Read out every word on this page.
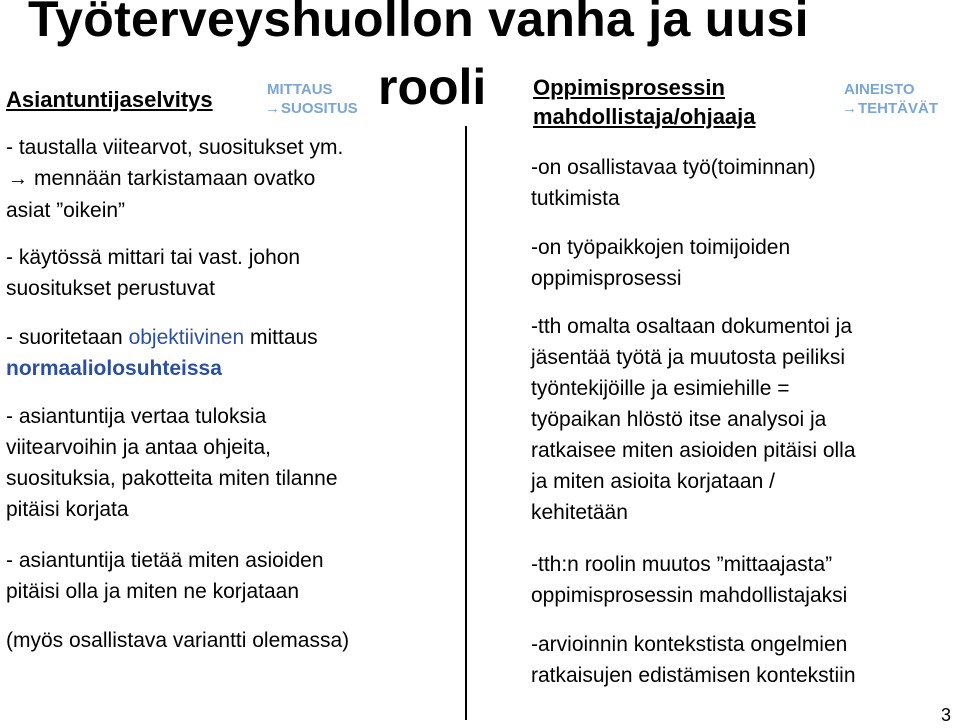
Työterveyshuollon vanha ja uusi
rooli
Asiantuntijaselvitys	MITTAUS
→SUOSITUS
- taustalla viitearvot, suositukset ym.
→ mennään tarkistamaan ovatko
asiat ”oikein”
- käytössä mittari tai vast. johon
suositukset perustuvat
- suoritetaan objektiivinen mittaus
normaaliolosuhteissa
- asiantuntija vertaa tuloksia
viitearvoihin ja antaa ohjeita,
suosituksia, pakotteita miten tilanne
pitäisi korjata
- asiantuntija tietää miten asioiden
pitäisi olla ja miten ne korjataan
(myös osallistava variantti olemassa)
Oppimisprosessin
mahdollistaja/ohjaaja
AINEISTO
→TEHTÄVÄT
-on osallistavaa työ(toiminnan)
tutkimista
-on työpaikkojen toimijoiden
oppimisprosessi
-tth omalta osaltaan dokumentoi ja
jäsentää työtä ja muutosta peiliksi
työntekijöille ja esimiehille =
työpaikan hlöstö itse analysoi ja
ratkaisee miten asioiden pitäisi olla
ja miten asioita korjataan /
kehitetään
-tth:n roolin muutos ”mittaajasta”
oppimisprosessin mahdollistajaksi
-arvioinnin kontekstista ongelmien
ratkaisujen edistämisen kontekstiin
3
